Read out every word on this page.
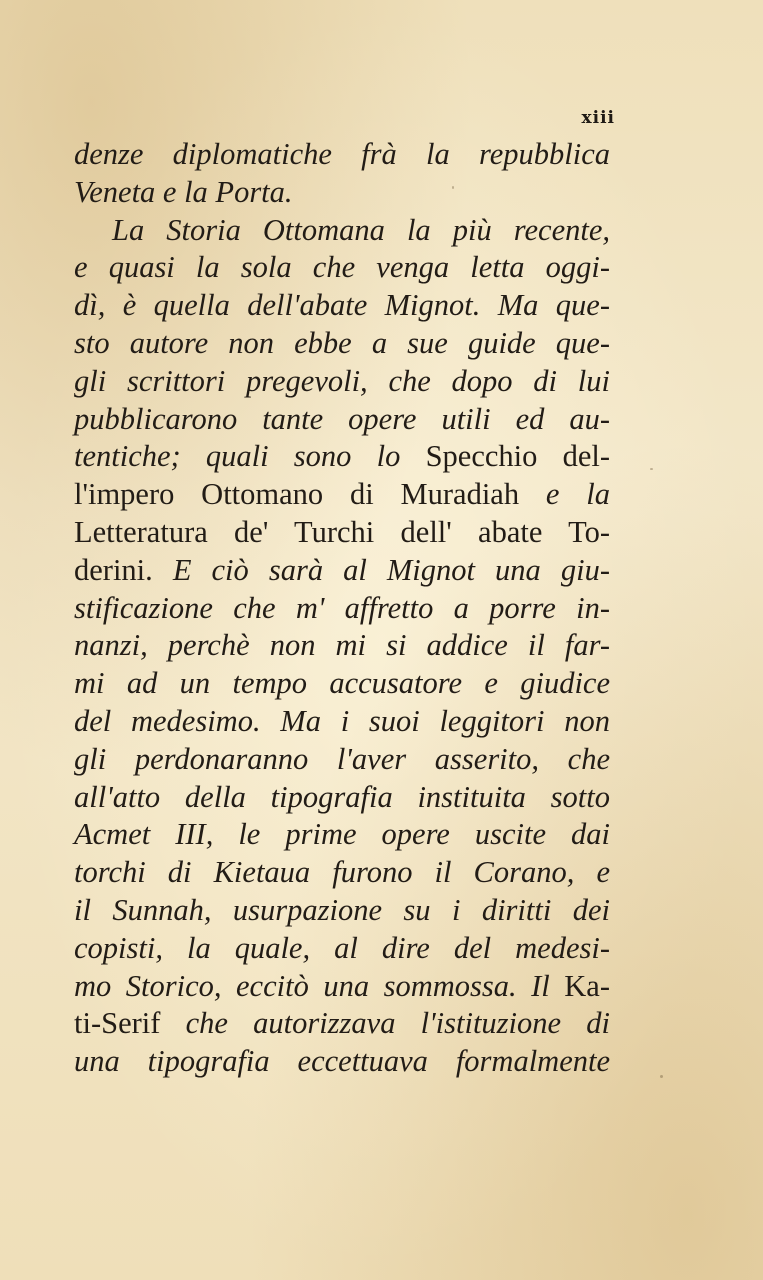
xiii
denze diplomatiche frà la repubblica
Veneta e la Porta.
La Storia Ottomana la più recente,
e quasi la sola che venga letta oggi-
dì, è quella dell'abate Mignot. Ma que-
sto autore non ebbe a sue guide que-
gli scrittori pregevoli, che dopo di lui
pubblicarono tante opere utili ed au-
tentiche; quali sono lo Specchio del-
l'impero Ottomano di Muradiah e la
Letteratura de' Turchi dell' abate To-
derini. E ciò sarà al Mignot una giu-
stificazione che m' affretto a porre in-
nanzi, perchè non mi si addice il far-
mi ad un tempo accusatore e giudice
del medesimo. Ma i suoi leggitori non
gli perdonaranno l'aver asserito, che
all'atto della tipografia instituita sotto
Acmet III, le prime opere uscite dai
torchi di Kietaua furono il Corano, e
il Sunnah, usurpazione su i diritti dei
copisti, la quale, al dire del medesi-
mo Storico, eccitò una sommossa. Il Ka-
ti-Serif che autorizzava l'istituzione di
una tipografia eccettuava formalmente
